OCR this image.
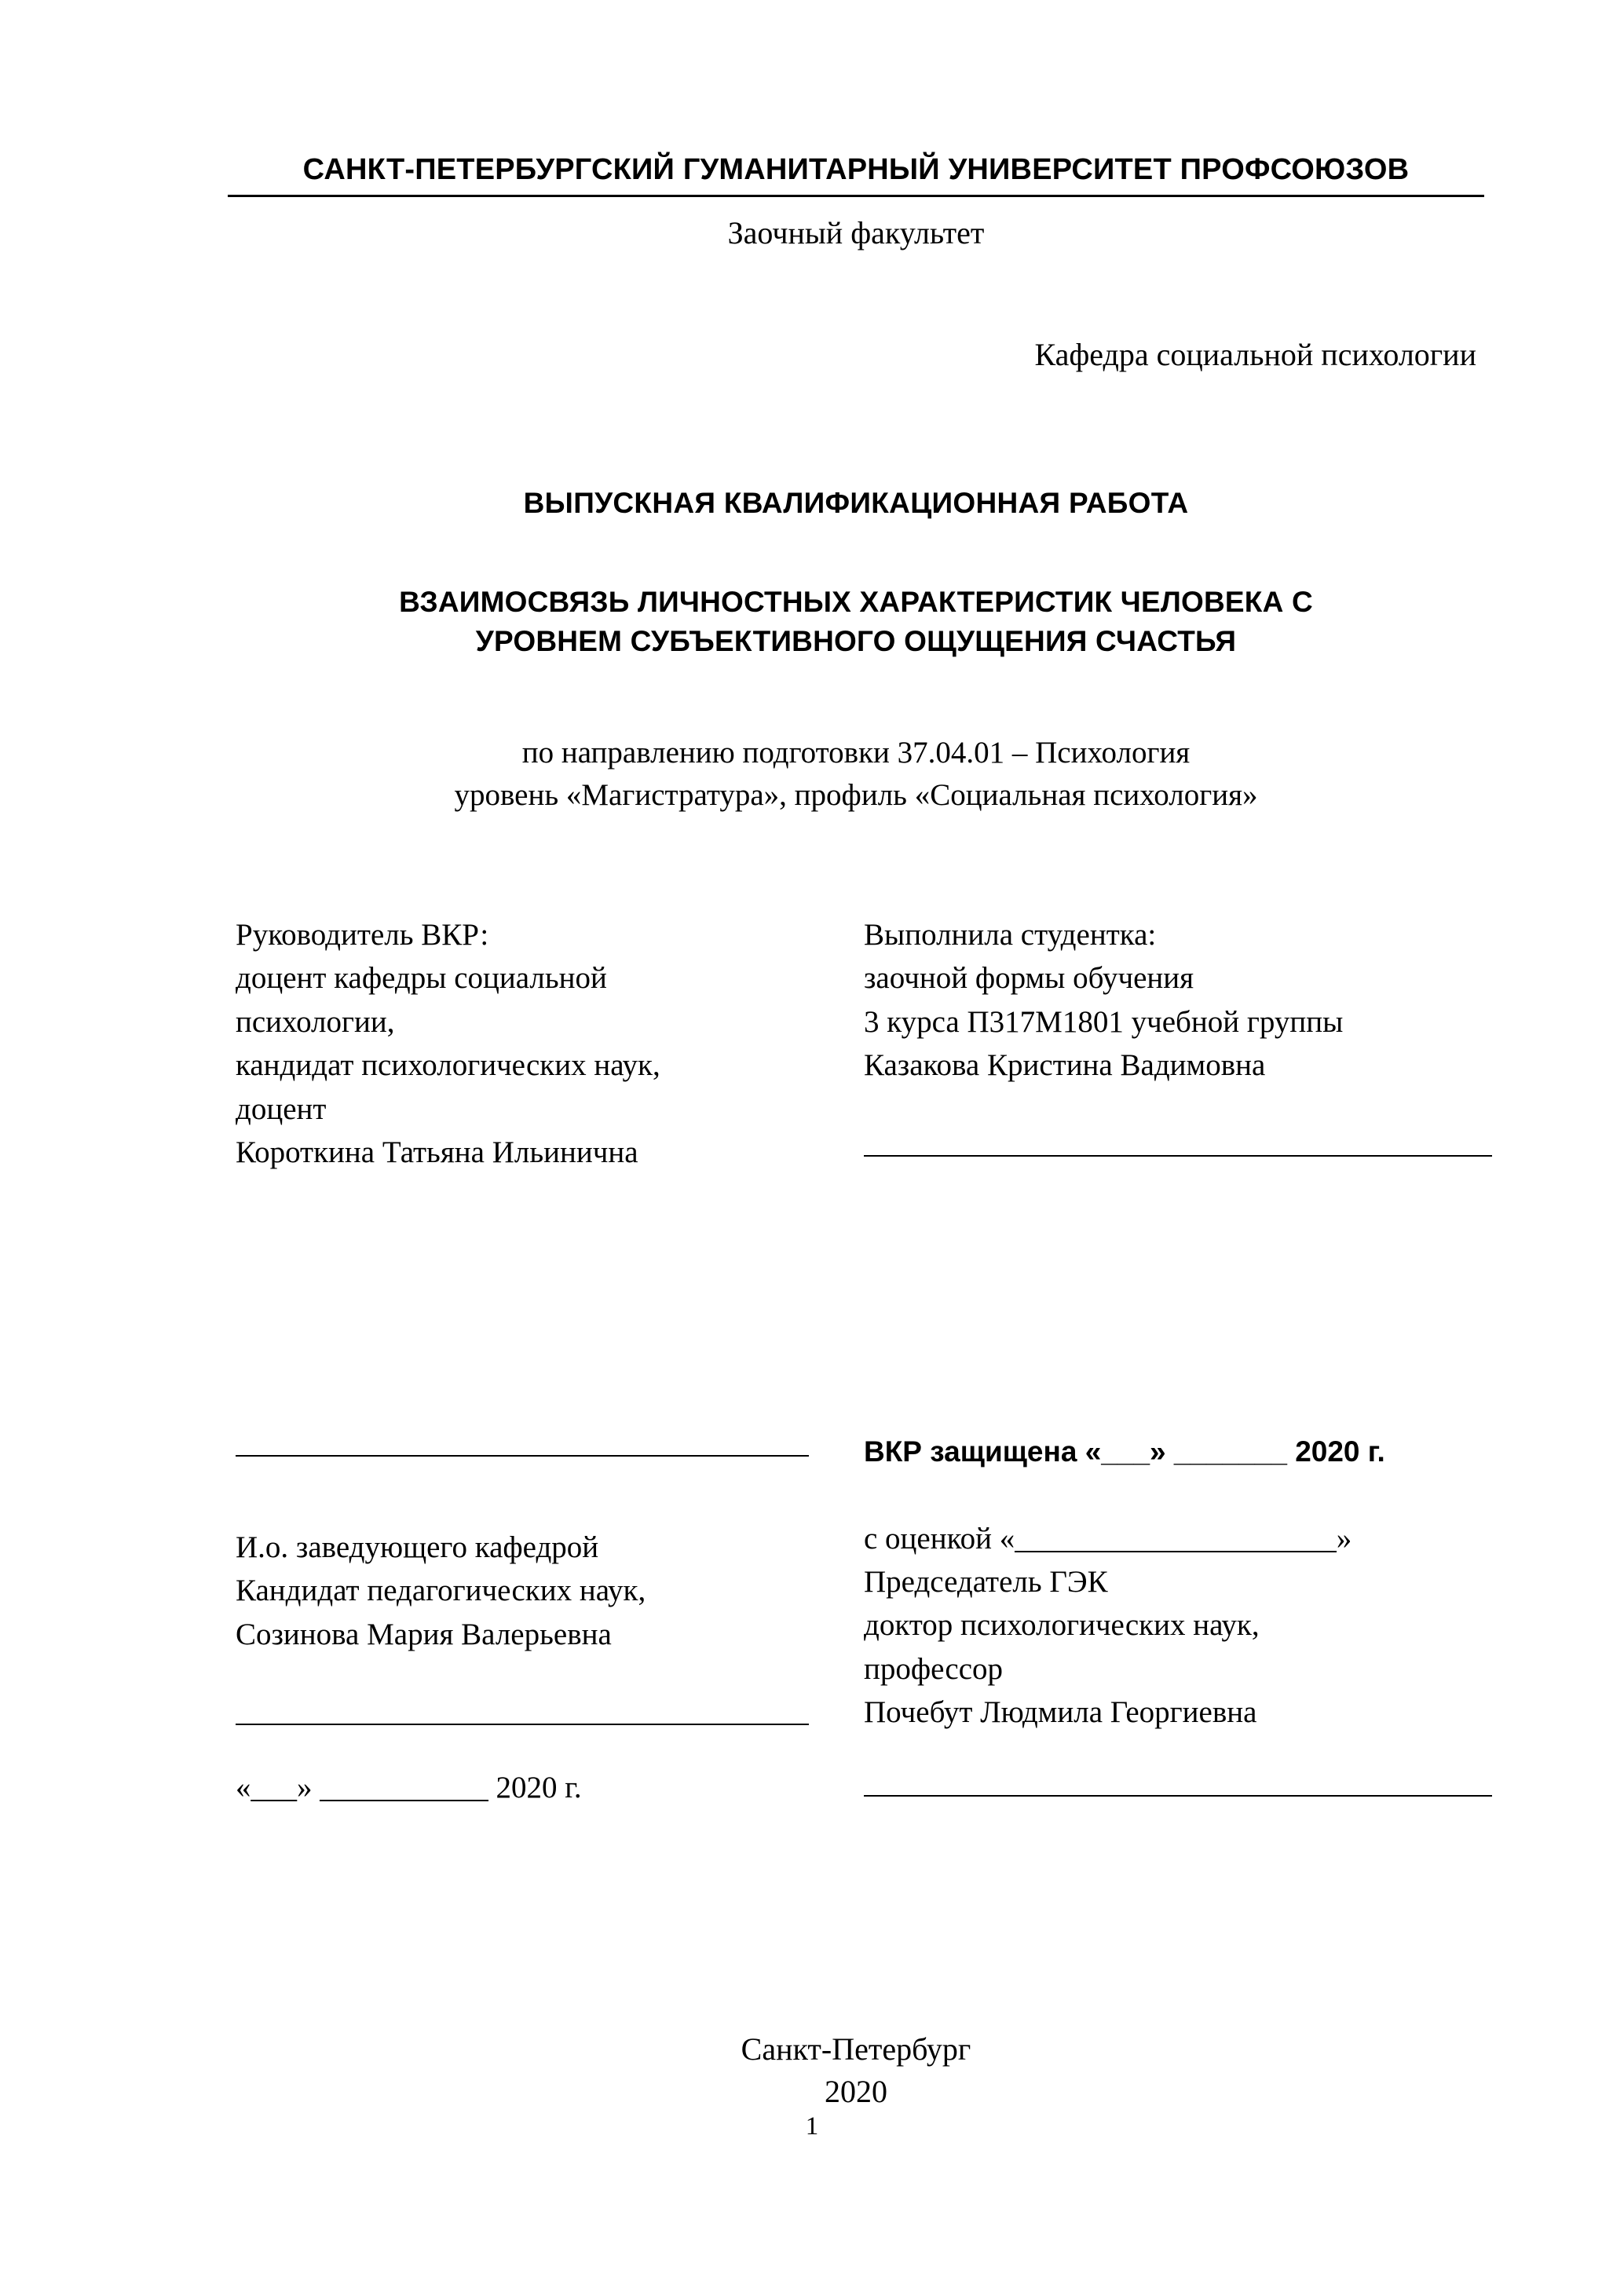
САНКТ-ПЕТЕРБУРГСКИЙ ГУМАНИТАРНЫЙ УНИВЕРСИТЕТ ПРОФСОЮЗОВ
Заочный факультет
Кафедра социальной психологии
ВЫПУСКНАЯ КВАЛИФИКАЦИОННАЯ РАБОТА
ВЗАИМОСВЯЗЬ ЛИЧНОСТНЫХ ХАРАКТЕРИСТИК ЧЕЛОВЕКА С
УРОВНЕМ СУБЪЕКТИВНОГО ОЩУЩЕНИЯ СЧАСТЬЯ
по направлению подготовки 37.04.01 – Психология
уровень «Магистратура», профиль «Социальная психология»
Руководитель ВКР:
доцент кафедры социальной
психологии,
кандидат психологических наук,
доцент
Короткина Татьяна Ильинична
Выполнила студентка:
заочной формы обучения
3 курса П317М1801 учебной группы
Казакова Кристина Вадимовна
ВКР защищена «___» _______ 2020 г.
с оценкой «_____________________»
Председатель ГЭК
доктор психологических наук,
профессор
Почебут Людмила Георгиевна
И.о. заведующего кафедрой
Кандидат педагогических наук,
Созинова Мария Валерьевна
«___» ___________ 2020 г.
Санкт-Петербург
2020
1
